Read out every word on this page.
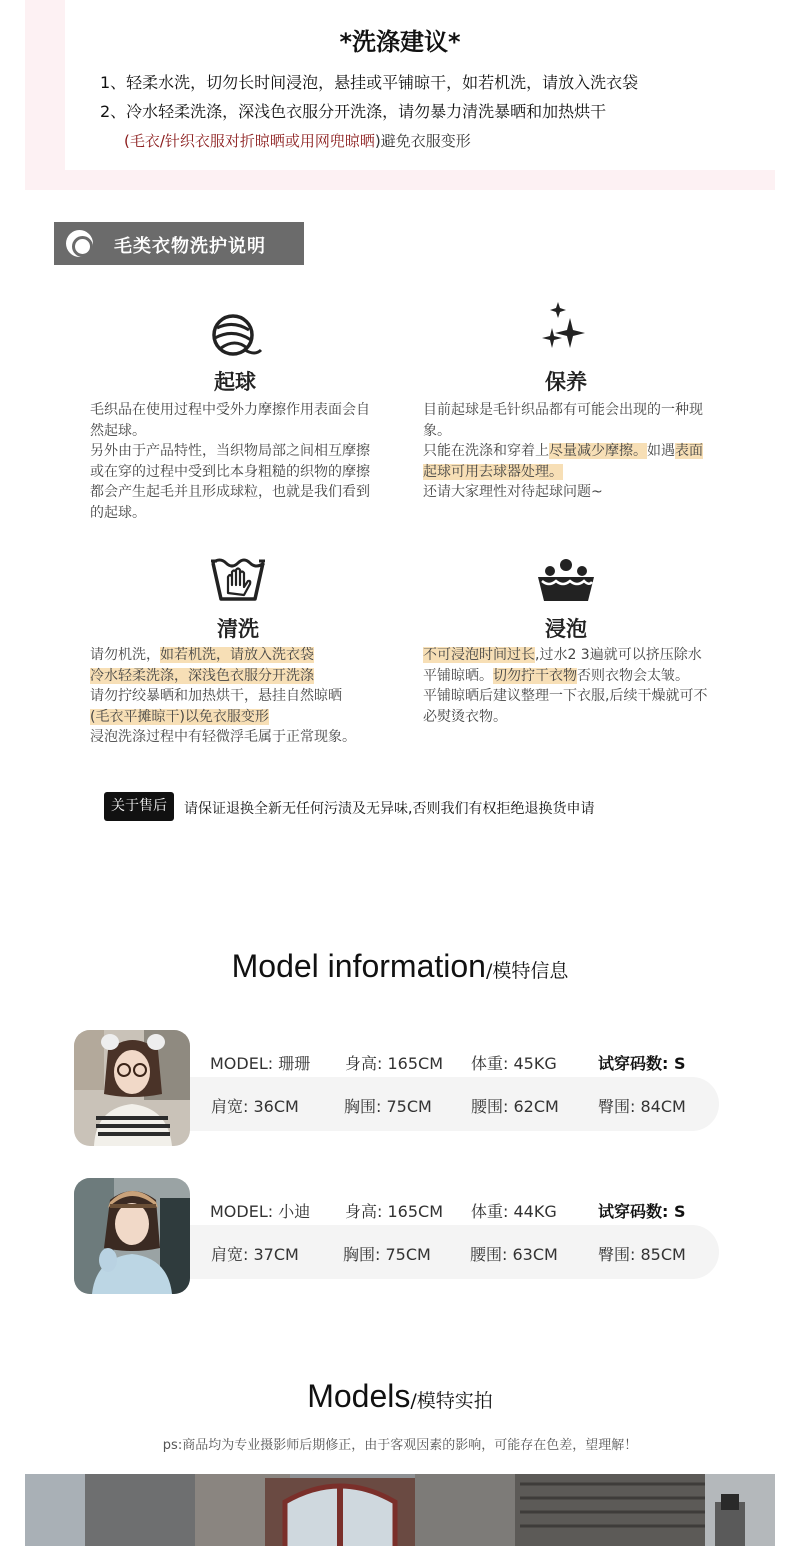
*洗涤建议*
1、轻柔水洗，切勿长时间浸泡，悬挂或平铺晾干，如若机洗，请放入洗衣袋
2、冷水轻柔洗涤，深浅色衣服分开洗涤，请勿暴力清洗暴晒和加热烘干
(毛衣/针织衣服对折晾晒或用网兜晾晒)避免衣服变形
毛类衣物洗护说明
起球
毛织品在使用过程中受外力摩擦作用表面会自然起球。
另外由于产品特性，当织物局部之间相互摩擦或在穿的过程中受到比本身粗糙的织物的摩擦都会产生起毛并且形成球粒，也就是我们看到的起球。
保养
目前起球是毛针织品都有可能会出现的一种现象。
只能在洗涤和穿着上尽量减少摩擦。如遇表面起球可用去球器处理。
还请大家理性对待起球问题~
清洗
请勿机洗，如若机洗，请放入洗衣袋
冷水轻柔洗涤，深浅色衣服分开洗涤
请勿拧绞暴晒和加热烘干，悬挂自然晾晒
(毛衣平摊晾干)以免衣服变形
浸泡洗涤过程中有轻微浮毛属于正常现象。
浸泡
不可浸泡时间过长,过水2 3遍就可以挤压除水平铺晾晒。切勿拧干衣物否则衣物会太皱。
平铺晾晒后建议整理一下衣服,后续干燥就可不必熨烫衣物。
关于售后	请保证退换全新无任何污渍及无异味,否则我们有权拒绝退换货申请
Model information/模特信息
MODEL: 珊珊 身高: 165CM 体重: 45KG	试穿码数: S
肩宽: 36CM	胸围: 75CM 腰围: 62CM 臀围: 84CM
MODEL: 小迪 身高: 165CM 体重: 44KG	试穿码数: S
肩宽: 37CM	胸围: 75CM 腰围: 63CM	臀围: 85CM
Models/模特实拍
ps:商品均为专业摄影师后期修正，由于客观因素的影响，可能存在色差，望理解！
